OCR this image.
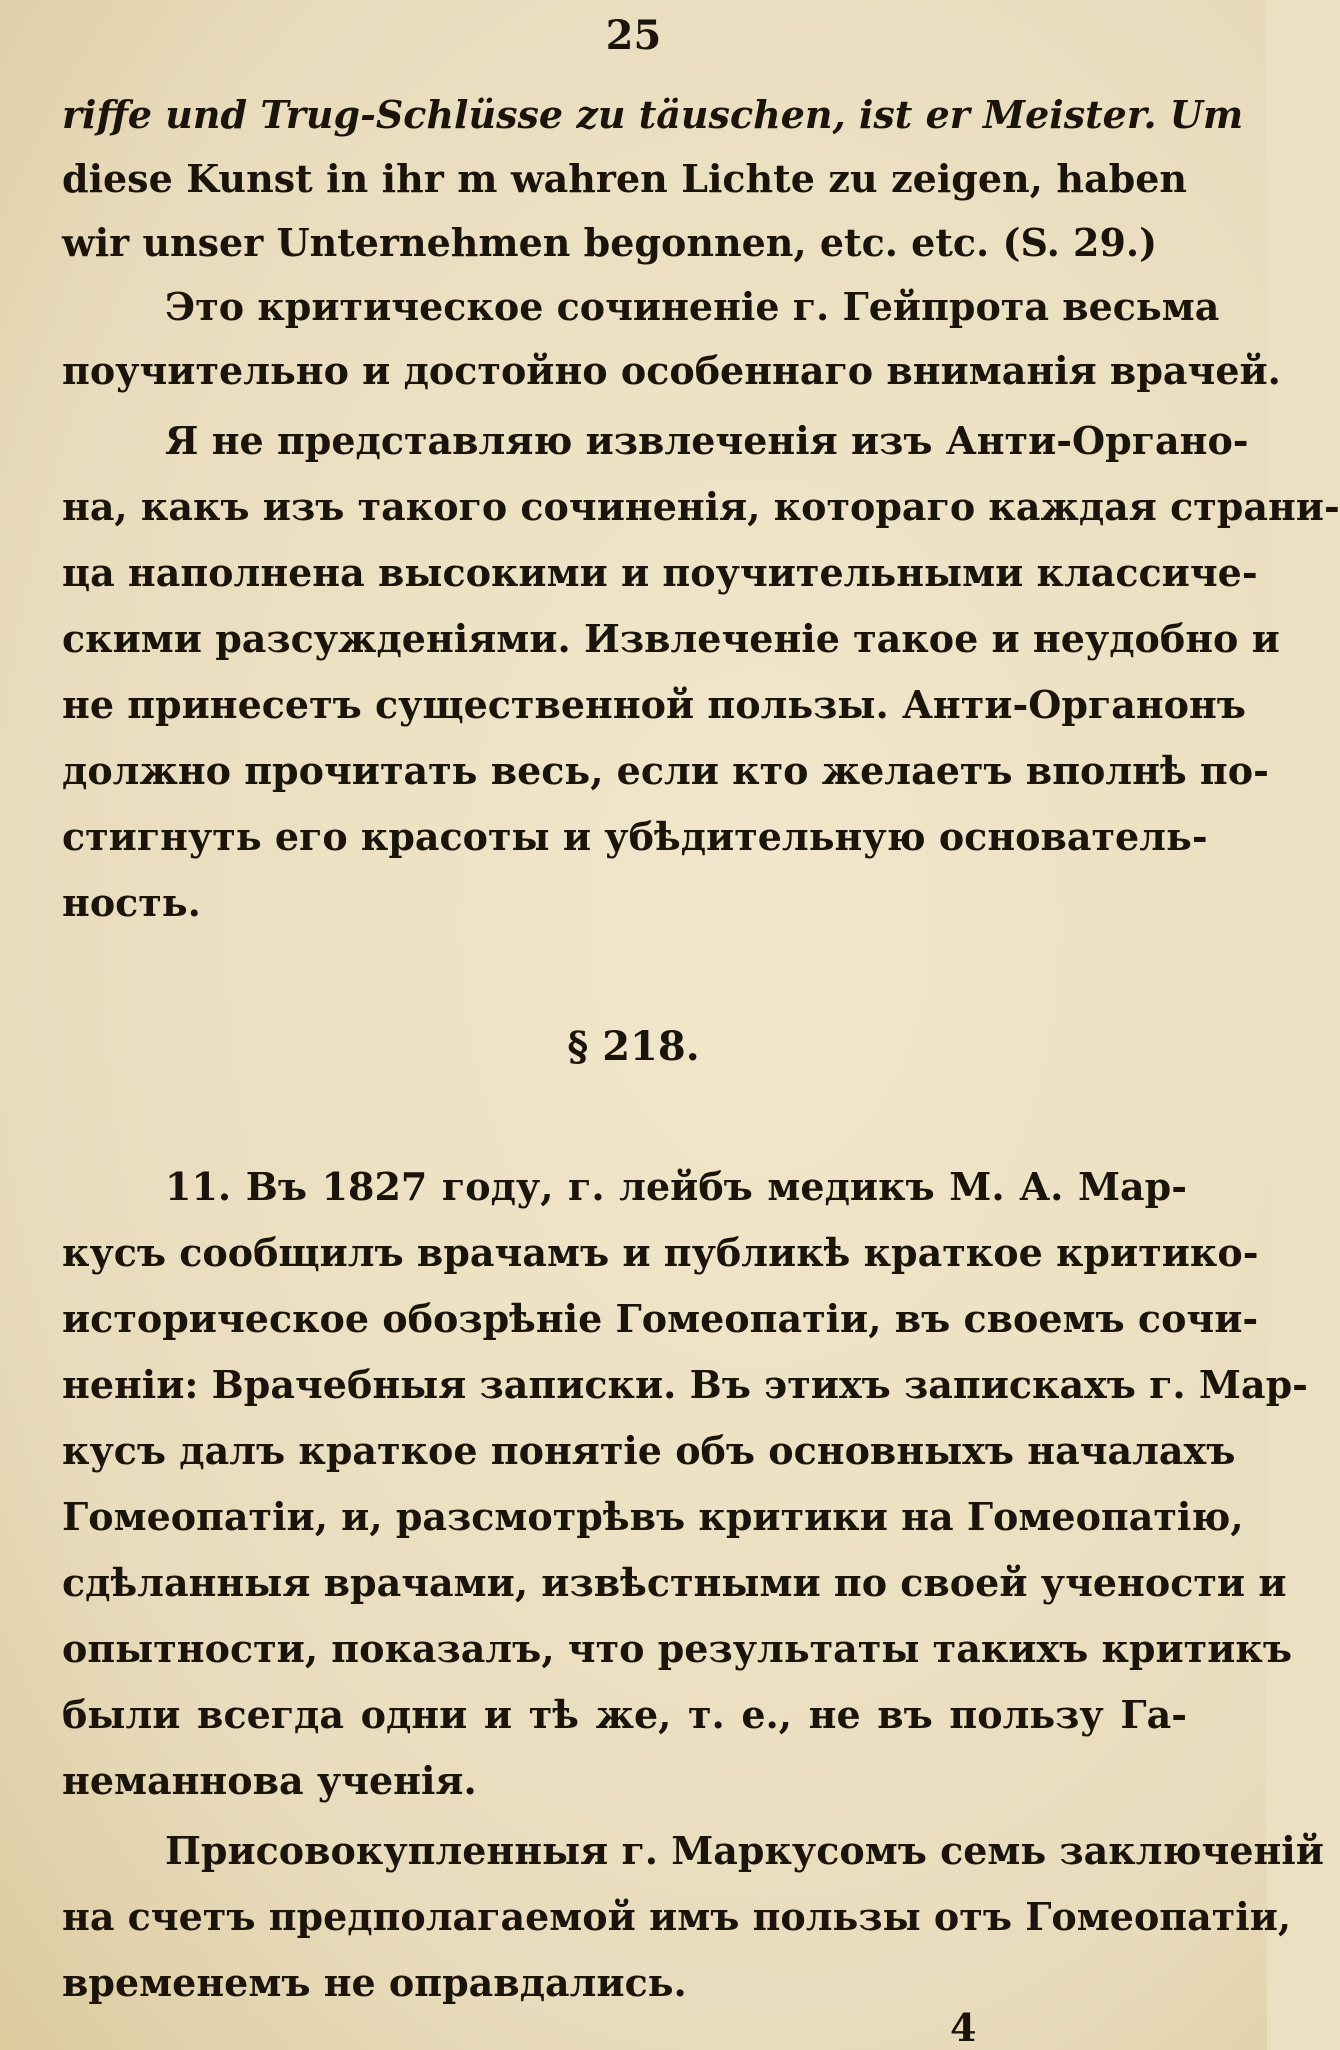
25
riffe und Trug-Schlüsse zu täuschen, ist er Meister. Um
diese Kunst in ihr m wahren Lichte zu zeigen, haben
wir unser Unternehmen begonnen, etc. etc. (S. 29.)
Это критическое сочиненіе г. Гейпрота весьма
поучительно и достойно особеннаго вниманія врачей.
Я не представляю извлеченія изъ Анти-Органо-
на, какъ изъ такого сочиненія, котораго каждая страни-
ца наполнена высокими и поучительными классиче-
скими разсужденіями. Извлеченіе такое и неудобно и
не принесетъ существенной пользы. Анти-Органонъ
должно прочитать весь, если кто желаетъ вполнѣ по-
стигнуть его красоты и убѣдительную основатель-
ность.
§ 218.
11. Въ 1827 году, г. лейбъ медикъ М. А. Мар-
кусъ сообщилъ врачамъ и публикѣ краткое критико-
историческое обозрѣніе Гомеопатіи, въ своемъ сочи-
неніи: Врачебныя записки. Въ этихъ запискахъ г. Мар-
кусъ далъ краткое понятіе объ основныхъ началахъ
Гомеопатіи, и, разсмотрѣвъ критики на Гомеопатію,
сдѣланныя врачами, извѣстными по своей учености и
опытности, показалъ, что результаты такихъ критикъ
были всегда одни и тѣ же, т. е., не въ пользу Га-
неманнова ученія.
Присовокупленныя г. Маркусомъ семь заключеній
на счетъ предполагаемой имъ пользы отъ Гомеопатіи,
временемъ не оправдались.
4
